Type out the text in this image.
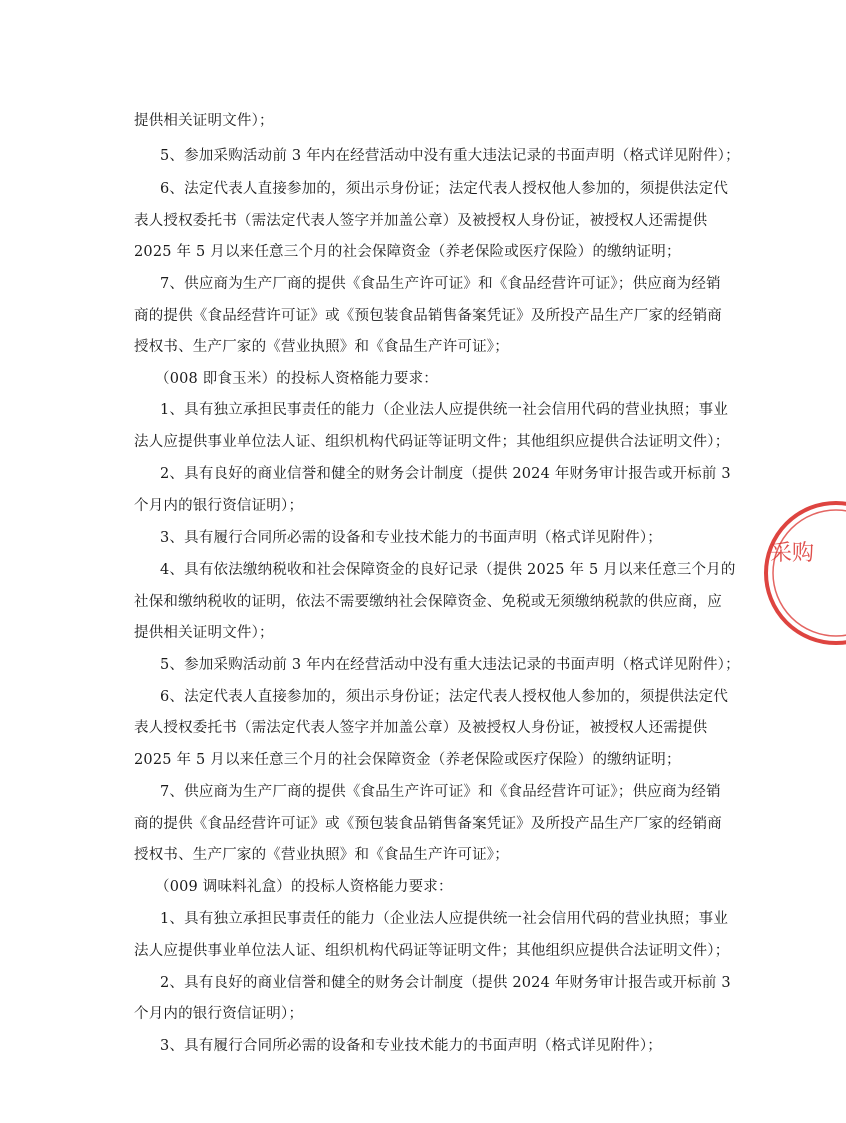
提供相关证明文件）；
5、参加采购活动前 3 年内在经营活动中没有重大违法记录的书面声明（格式详见附件）；
6、法定代表人直接参加的，须出示身份证；法定代表人授权他人参加的，须提供法定代
表人授权委托书（需法定代表人签字并加盖公章）及被授权人身份证，被授权人还需提供
2025 年 5 月以来任意三个月的社会保障资金（养老保险或医疗保险）的缴纳证明；
7、供应商为生产厂商的提供《食品生产许可证》和《食品经营许可证》；供应商为经销
商的提供《食品经营许可证》或《预包装食品销售备案凭证》及所投产品生产厂家的经销商
授权书、生产厂家的《营业执照》和《食品生产许可证》；
（008 即食玉米）的投标人资格能力要求：
1、具有独立承担民事责任的能力（企业法人应提供统一社会信用代码的营业执照；事业
法人应提供事业单位法人证、组织机构代码证等证明文件；其他组织应提供合法证明文件）；
2、具有良好的商业信誉和健全的财务会计制度（提供 2024 年财务审计报告或开标前 3
个月内的银行资信证明）；
3、具有履行合同所必需的设备和专业技术能力的书面声明（格式详见附件）；
4、具有依法缴纳税收和社会保障资金的良好记录（提供 2025 年 5 月以来任意三个月的
社保和缴纳税收的证明，依法不需要缴纳社会保障资金、免税或无须缴纳税款的供应商，应
提供相关证明文件）；
5、参加采购活动前 3 年内在经营活动中没有重大违法记录的书面声明（格式详见附件）；
6、法定代表人直接参加的，须出示身份证；法定代表人授权他人参加的，须提供法定代
表人授权委托书（需法定代表人签字并加盖公章）及被授权人身份证，被授权人还需提供
2025 年 5 月以来任意三个月的社会保障资金（养老保险或医疗保险）的缴纳证明；
7、供应商为生产厂商的提供《食品生产许可证》和《食品经营许可证》；供应商为经销
商的提供《食品经营许可证》或《预包装食品销售备案凭证》及所投产品生产厂家的经销商
授权书、生产厂家的《营业执照》和《食品生产许可证》；
（009 调味料礼盒）的投标人资格能力要求：
1、具有独立承担民事责任的能力（企业法人应提供统一社会信用代码的营业执照；事业
法人应提供事业单位法人证、组织机构代码证等证明文件；其他组织应提供合法证明文件）；
2、具有良好的商业信誉和健全的财务会计制度（提供 2024 年财务审计报告或开标前 3
个月内的银行资信证明）；
3、具有履行合同所必需的设备和专业技术能力的书面声明（格式详见附件）；
采购
